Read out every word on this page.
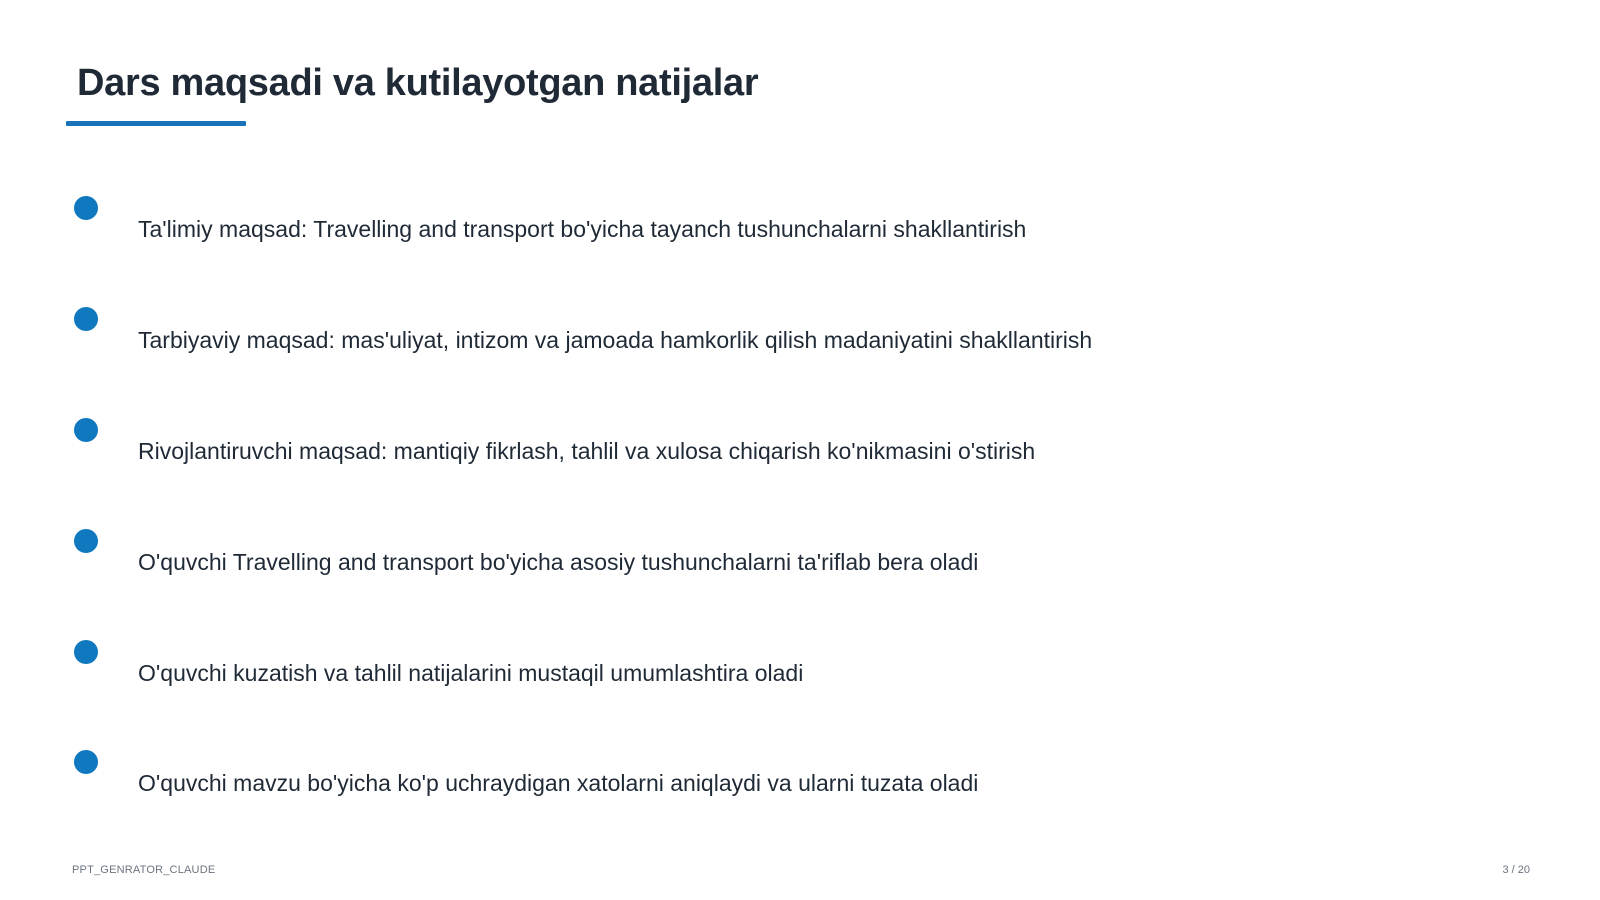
Dars maqsadi va kutilayotgan natijalar
Ta'limiy maqsad: Travelling and transport bo'yicha tayanch tushunchalarni shakllantirish
Tarbiyaviy maqsad: mas'uliyat, intizom va jamoada hamkorlik qilish madaniyatini shakllantirish
Rivojlantiruvchi maqsad: mantiqiy fikrlash, tahlil va xulosa chiqarish ko'nikmasini o'stirish
O'quvchi Travelling and transport bo'yicha asosiy tushunchalarni ta'riflab bera oladi
O'quvchi kuzatish va tahlil natijalarini mustaqil umumlashtira oladi
O'quvchi mavzu bo'yicha ko'p uchraydigan xatolarni aniqlaydi va ularni tuzata oladi
PPT_GENRATOR_CLAUDE	3 / 20
